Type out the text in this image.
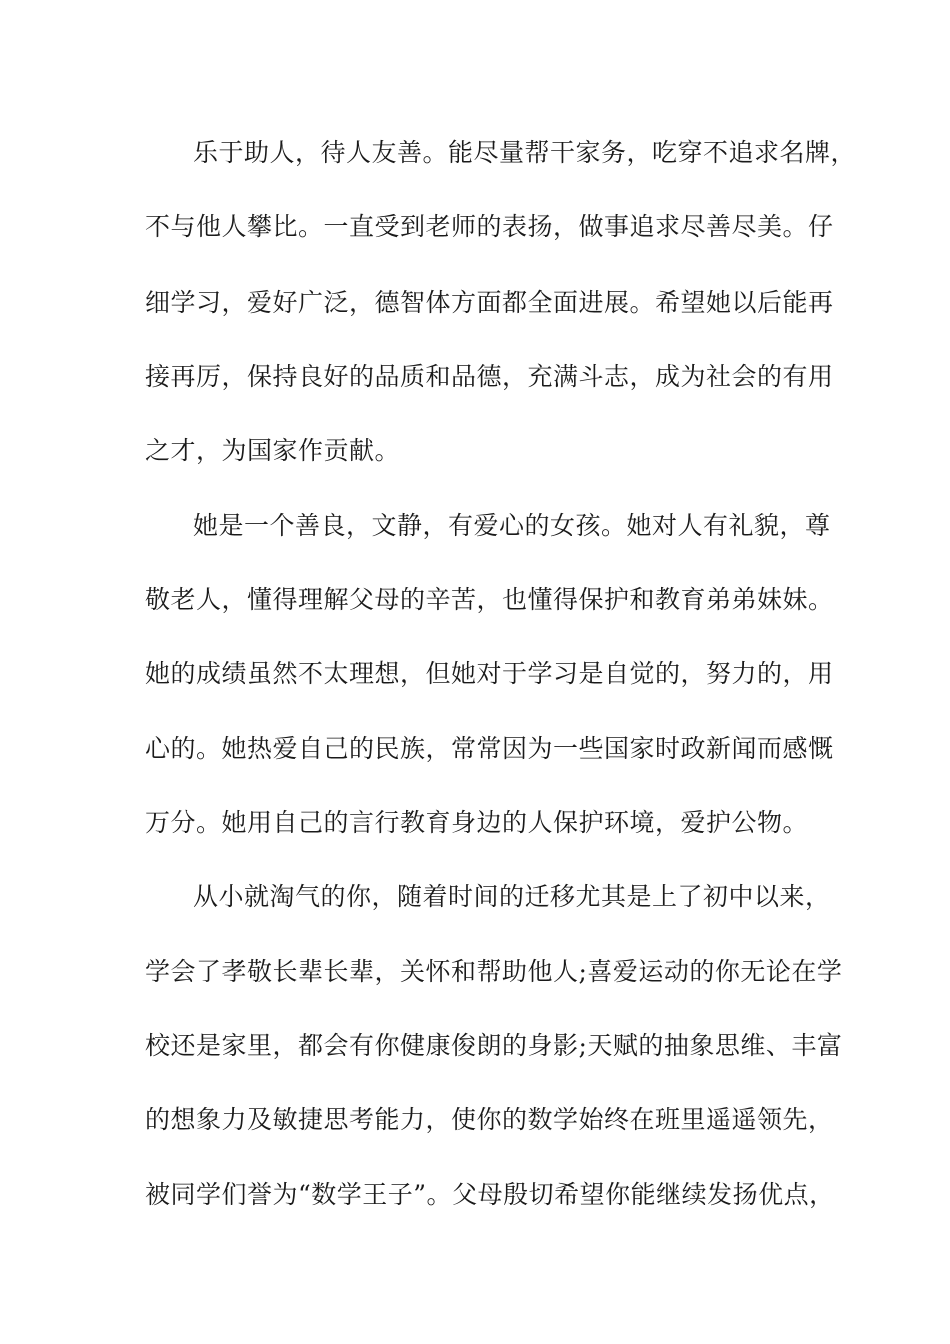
乐于助人，待人友善。能尽量帮干家务，吃穿不追求名牌，
不与他人攀比。一直受到老师的表扬，做事追求尽善尽美。仔
细学习，爱好广泛，德智体方面都全面进展。希望她以后能再
接再厉，保持良好的品质和品德，充满斗志，成为社会的有用
之才，为国家作贡献。
她是一个善良，文静，有爱心的女孩。她对人有礼貌，尊
敬老人，懂得理解父母的辛苦，也懂得保护和教育弟弟妹妹。
她的成绩虽然不太理想，但她对于学习是自觉的，努力的，用
心的。她热爱自己的民族，常常因为一些国家时政新闻而感慨
万分。她用自己的言行教育身边的人保护环境，爱护公物。
从小就淘气的你，随着时间的迁移尤其是上了初中以来，
学会了孝敬长辈长辈，关怀和帮助他人;喜爱运动的你无论在学
校还是家里，都会有你健康俊朗的身影;天赋的抽象思维、丰富
的想象力及敏捷思考能力，使你的数学始终在班里遥遥领先，
被同学们誉为“数学王子”。父母殷切希望你能继续发扬优点，
